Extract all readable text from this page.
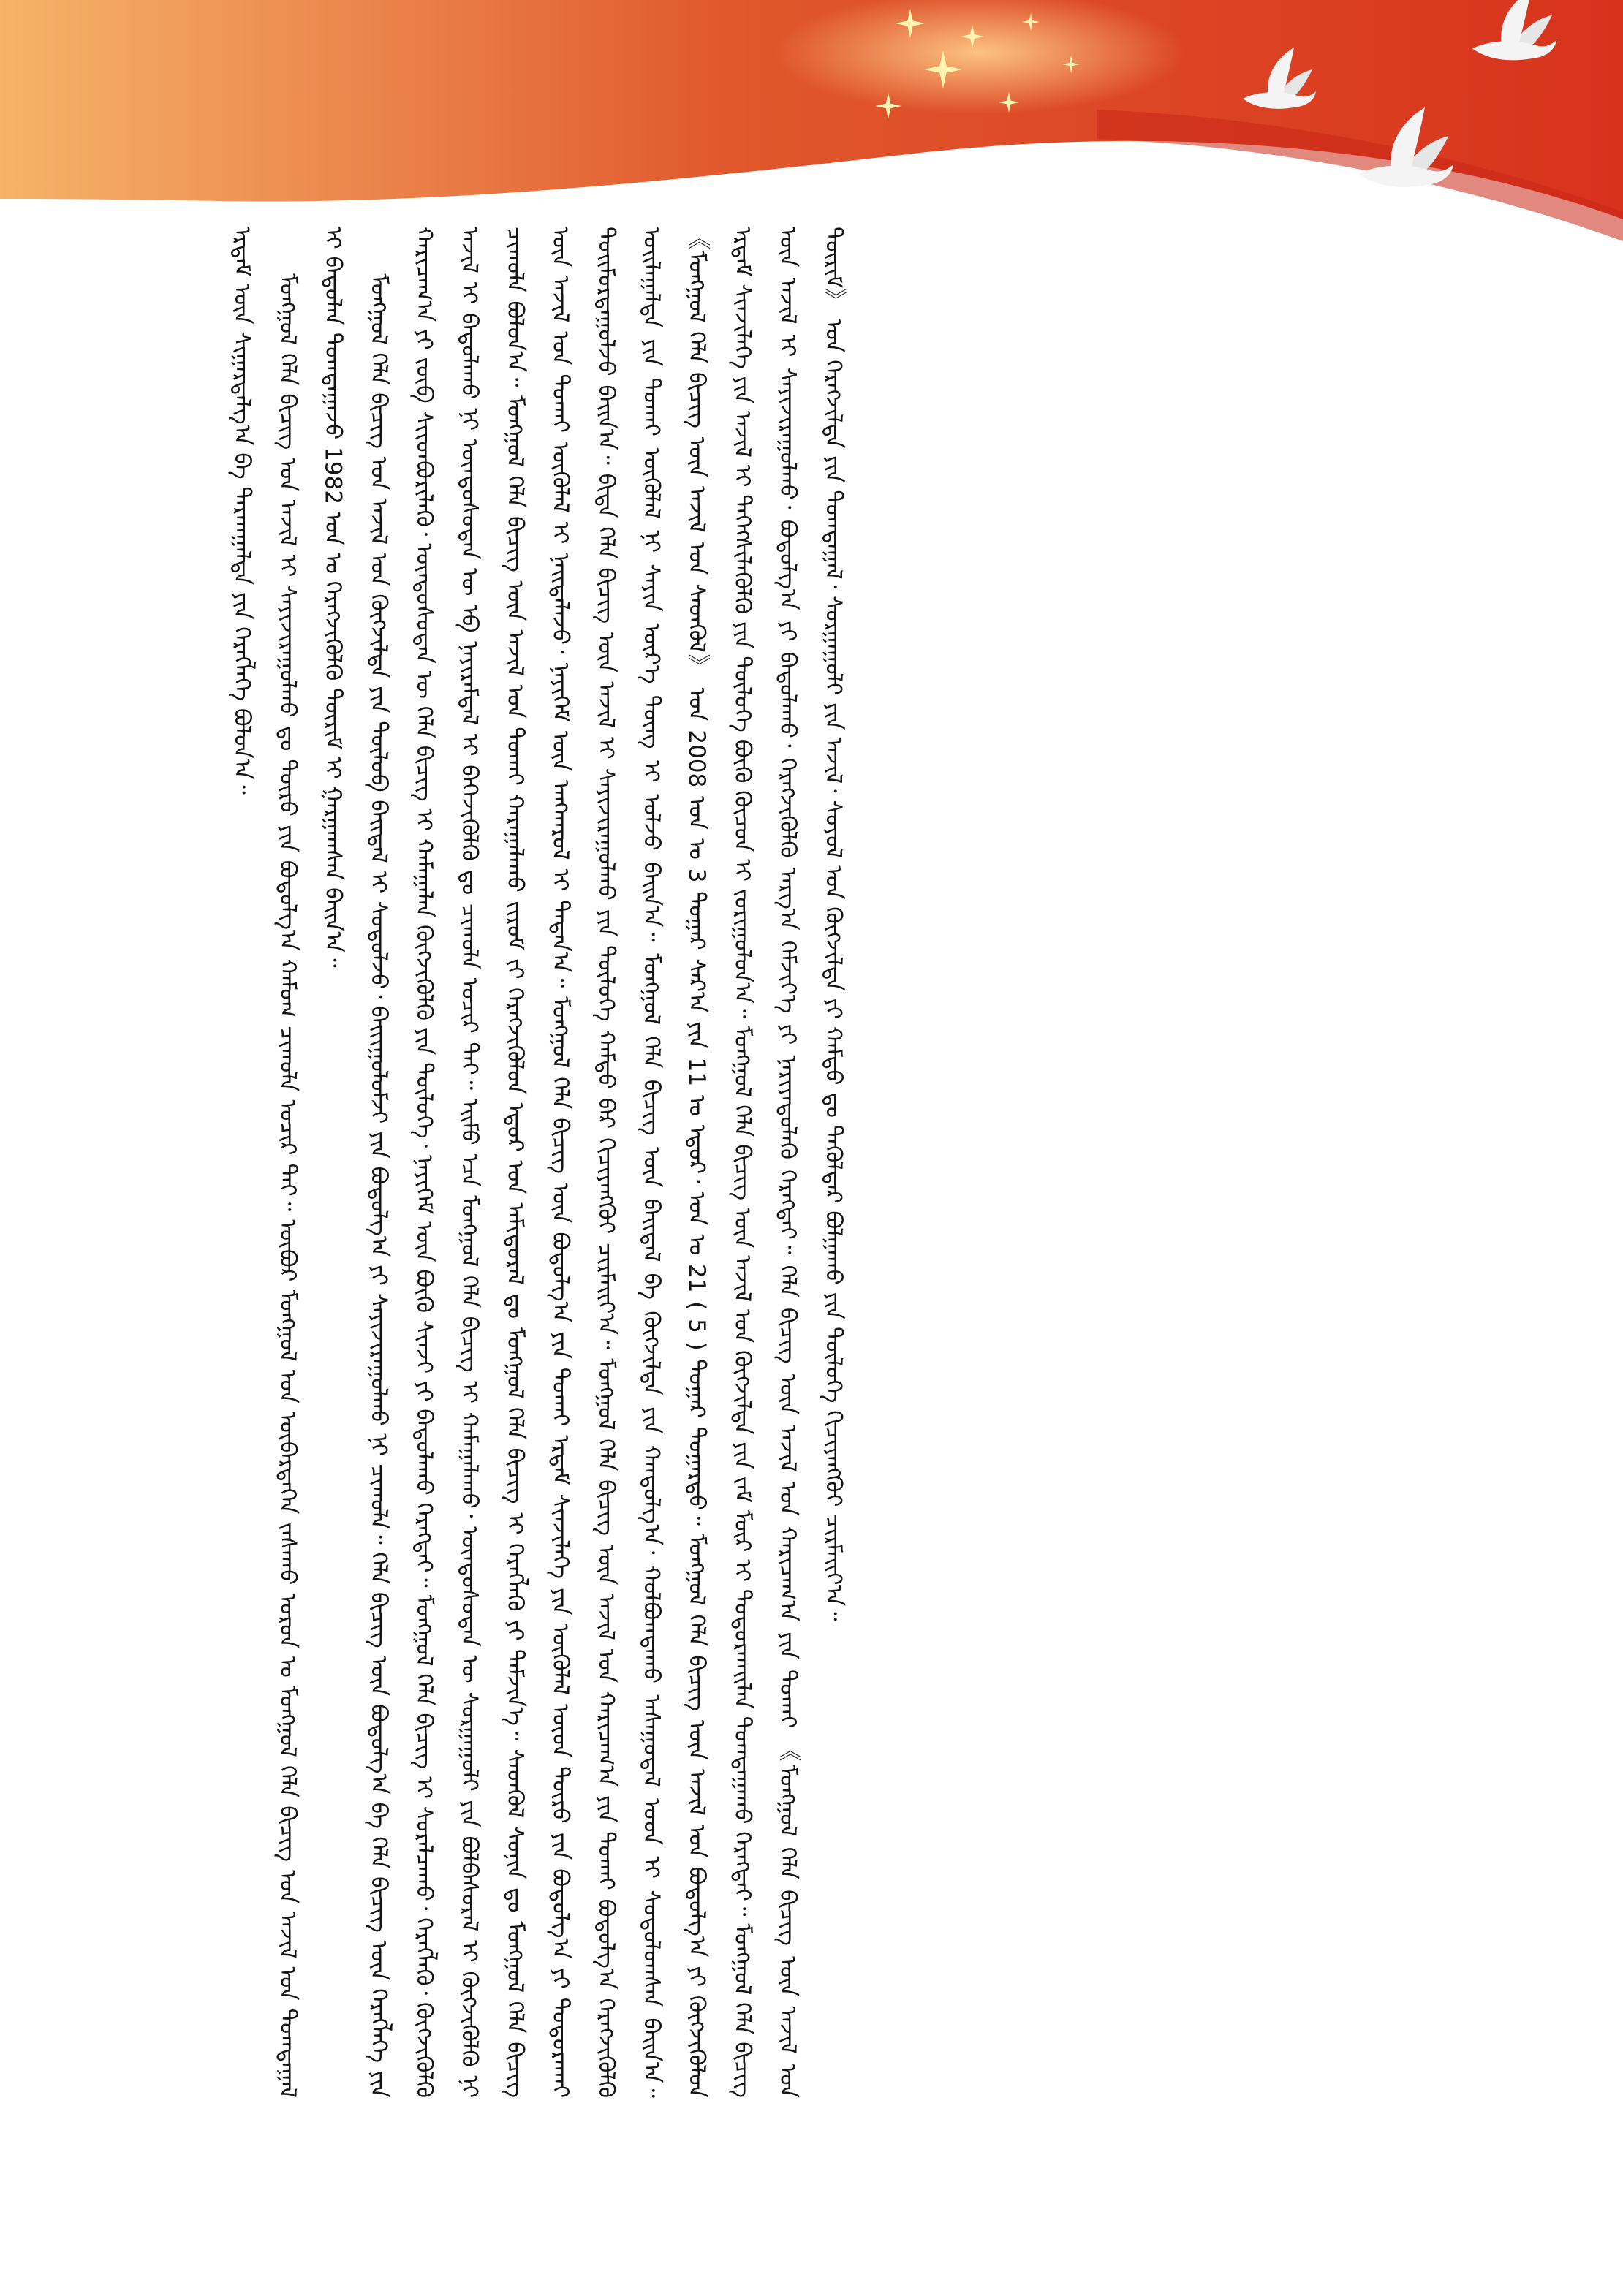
ᠡᠷᠳᠡᠮ ᠦᠨ ᠰᠢᠭᠠᠷᠳᠠᠯᠭ᠎ᠠ ᠪᠠ ᠲᠠᠷᠬᠠᠭᠠᠯᠲᠠ ᠶᠢᠨ ᠬᠡᠷᠡᠭᠯᠡᠭᠡ ᠪᠣᠯᠤᠨ᠎ᠠ᠃ ᠮᠣᠩᠭᠣᠯ ᠬᠡᠯᠡ ᠪᠢᠴᠢᠭ ᠤᠨ ᠠᠵᠢᠯ ᠢ ᠰᠠᠶᠢᠵᠢᠷᠠᠭᠤᠯᠬᠤ ᠳᠤ ᠲᠥᠷᠦ ᠶᠢᠨ ᠪᠣᠳᠣᠯᠭ᠎ᠠ ᠬᠠᠮᠤᠭ ᠴᠢᠬᠤᠯᠠ ᠤᠴᠢᠷ ᠲᠠᠢ᠃ ᠥᠪᠥᠷ ᠮᠣᠩᠭᠣᠯ ᠤᠨ ᠥᠪᠡᠷᠲᠡᠭᠡᠨ ᠵᠠᠰᠠᠬᠤ ᠣᠷᠣᠨ ᠤ ᠮᠣᠩᠭᠣᠯ ᠬᠡᠯᠡ ᠪᠢᠴᠢᠭ ᠤᠨ ᠠᠵᠢᠯ ᠤᠨ ᠲᠣᠭᠲᠠᠭᠠᠯ ᠢ ᠪᠠᠲᠤᠯᠠᠨ ᠲᠣᠭᠲᠠᠭᠠᠵᠤ 1982 ᠣᠨ ᠤ ᠬᠡᠷᠡᠭᠵᠢᠭᠦᠯᠬᠦ ᠳᠦᠷᠢᠮ ᠢ ᠭᠠᠷᠭᠠᠭᠰᠠᠨ ᠪᠠᠢᠨ᠎ᠠ᠃ ᠮᠣᠩᠭᠣᠯ ᠬᠡᠯᠡ ᠪᠢᠴᠢᠭ ᠤᠨ ᠠᠵᠢᠯ ᠤᠨ ᠬᠥᠭᠵᠢᠯᠲᠡ ᠶᠢᠨ ᠲᠥᠯᠦᠪ ᠪᠠᠢᠳᠠᠯ ᠢ ᠰᠤᠳᠤᠯᠵᠤ᠂ ᠪᠠᠢᠢᠭᠤᠯᠤᠮᠵᠢ ᠶᠢᠨ ᠪᠣᠳᠣᠯᠭ᠎ᠠ ᠶᠢ ᠰᠠᠶᠢᠵᠢᠷᠠᠭᠤᠯᠬᠤ ᠨᠢ ᠴᠢᠬᠤᠯᠠ᠃ ᠬᠡᠯᠡ ᠪᠢᠴᠢᠭ ᠦᠨ ᠪᠣᠳᠣᠯᠭ᠎ᠠ ᠪᠠ ᠬᠡᠯᠡ ᠪᠢᠴᠢᠭ ᠦᠨ ᠬᠡᠷᠡᠭᠯᠡᠭᠡ ᠶᠢᠨ ᠬᠠᠷᠢᠴᠠᠭ᠎ᠠ ᠶᠢ ᠵᠥᠪ ᠰᠢᠢᠳᠪᠦᠷᠢᠯᠡᠬᠦ᠂ ᠦᠨᠳᠦᠰᠦᠲᠡᠨ ᠦ ᠬᠡᠯᠡ ᠪᠢᠴᠢᠭ ᠢ ᠬᠠᠮᠠᠭᠠᠯᠠᠨ ᠬᠥᠭᠵᠢᠭᠦᠯᠬᠦ ᠶᠢᠨ ᠲᠥᠯᠦᠭᠡ᠂ ᠨᠡᠶᠢᠭᠡᠮ ᠦᠨ ᠪᠥᠬᠦ ᠰᠢᠨᠵᠢ ᠶᠢ ᠪᠠᠲᠤᠯᠠᠬᠤ ᠬᠡᠷᠡᠭᠲᠡᠢ᠃ ᠮᠣᠩᠭᠣᠯ ᠬᠡᠯᠡ ᠪᠢᠴᠢᠭ ᠢ ᠰᠤᠷᠠᠯᠴᠠᠬᠤ᠂ ᠬᠡᠷᠡᠭᠯᠡᠬᠦ᠂ ᠬᠥᠭᠵᠢᠭᠦᠯᠬᠦ ᠠᠵᠢᠯ ᠢ ᠪᠠᠲᠤᠯᠠᠬᠤ ᠨᠢ ᠦᠨᠳᠦᠰᠦᠲᠡᠨ ᠦ ᠡᠪ ᠨᠠᠶᠢᠷᠠᠮᠳᠠᠯ ᠢ ᠪᠡᠬᠡᠵᠢᠭᠦᠯᠬᠦ ᠳᠤ ᠴᠢᠬᠤᠯᠠ ᠤᠴᠢᠷ ᠲᠠᠢ᠃ ᠡᠢᠮᠦ ᠡᠴᠡ ᠮᠣᠩᠭᠣᠯ ᠬᠡᠯᠡ ᠪᠢᠴᠢᠭ ᠢ ᠬᠠᠮᠠᠭᠠᠯᠠᠬᠤ᠂ ᠦᠨᠳᠦᠰᠦᠲᠡᠨ ᠦ ᠰᠤᠷᠭᠠᠭᠤᠯᠢ ᠶᠢᠨ ᠪᠣᠯᠪᠠᠰᠤᠷᠠᠯ ᠢ ᠬᠥᠭᠵᠢᠭᠦᠯᠬᠦ ᠨᠢ ᠴᠢᠬᠤᠯᠠ ᠪᠣᠯᠤᠨ᠎ᠠ᠃ ᠮᠣᠩᠭᠣᠯ ᠬᠡᠯᠡ ᠪᠢᠴᠢᠭ ᠦᠨ ᠠᠵᠢᠯ ᠤᠨ ᠲᠤᠬᠠᠢ ᠬᠠᠷᠠᠭᠠᠯᠠᠬᠤ ᠵᠢᠷᠤᠮ ᠵᠢ ᠬᠡᠷᠡᠭᠵᠢᠭᠦᠯᠦᠨ ᠡᠳᠦᠷ ᠤᠨ ᠠᠮᠢᠳᠤᠷᠠᠯ ᠳᠤ ᠮᠣᠩᠭᠣᠯ ᠬᠡᠯᠡ ᠪᠢᠴᠢᠭ ᠢ ᠬᠡᠷᠡᠭᠯᠡᠬᠦ ᠶᠢ ᠳᠡᠮᠵᠢᠨ᠎ᠡ᠃ ᠰᠡᠳᠭᠦᠯ ᠰᠣᠨᠢᠨ ᠳᠤ ᠮᠣᠩᠭᠣᠯ ᠬᠡᠯᠡ ᠪᠢᠴᠢᠭ ᠦᠨ ᠠᠵᠢᠯ ᠤᠨ ᠲᠤᠬᠠᠢ ᠥᠭᠦᠯᠡᠯ ᠢ ᠨᠡᠢᠲᠡᠯᠡᠵᠦ᠂ ᠨᠡᠶᠢᠭᠡᠮ ᠦᠨ ᠠᠩᠬᠠᠷᠤᠯ ᠢ ᠲᠠᠲᠠᠨ᠎ᠠ᠃ ᠮᠣᠩᠭᠣᠯ ᠬᠡᠯᠡ ᠪᠢᠴᠢᠭ ᠦᠨ ᠪᠣᠳᠣᠯᠭ᠎ᠠ ᠶᠢᠨ ᠲᠤᠬᠠᠢ ᠡᠷᠳᠡᠮ ᠰᠢᠨᠵᠢᠯᠡᠭᠡ ᠶᠢᠨ ᠥᠭᠦᠯᠡᠯ ᠦᠳ ᠲᠥᠷᠦ ᠶᠢᠨ ᠪᠣᠳᠣᠯᠭ᠎ᠠ ᠶᠢ ᠲᠣᠳᠣᠷᠠᠬᠠᠢ ᠲᠣᠢᠮᠣᠷᠳᠠᠭᠤᠯᠵᠤ ᠪᠠᠢᠨ᠎ᠠ᠃ ᠪᠢᠳᠡ ᠬᠡᠯᠡ ᠪᠢᠴᠢᠭ ᠦᠨ ᠠᠵᠢᠯ ᠢ ᠰᠠᠶᠢᠵᠢᠷᠠᠭᠤᠯᠬᠤ ᠶᠢᠨ ᠲᠥᠯᠦᠭᠡ ᠬᠠᠮᠲᠤ ᠪᠡᠷ ᠬᠢᠴᠢᠶᠡᠩᠭᠦᠢ ᠴᠢᠷᠮᠠᠢᠶ᠎ᠠ᠃ ᠮᠣᠩᠭᠣᠯ ᠬᠡᠯᠡ ᠪᠢᠴᠢᠭ ᠦᠨ ᠠᠵᠢᠯ ᠤᠨ ᠬᠠᠷᠢᠴᠠᠭ᠎ᠠ ᠶᠢᠨ ᠲᠤᠬᠠᠢ ᠪᠣᠳᠣᠯᠭ᠎ᠠ ᠬᠡᠷᠡᠭᠵᠢᠭᠦᠯᠬᠦ ᠣᠢᠯᠠᠭᠠᠯᠲᠠ ᠶᠢᠨ ᠲᠤᠬᠠᠢ ᠥᠭᠦᠯᠡᠯ ᠨᠢ ᠰᠠᠶᠢᠨ ᠦᠷ᠎ᠡ ᠳᠦᠩ ᠢ ᠣᠯᠵᠤ ᠪᠠᠢᠨ᠎ᠠ᠃ ᠮᠣᠩᠭᠣᠯ ᠬᠡᠯᠡ ᠪᠢᠴᠢᠭ ᠦᠨ ᠪᠠᠢᠳᠠᠯ ᠪᠠ ᠬᠥᠭᠵᠢᠯᠲᠡ ᠶᠢᠨ ᠬᠠᠨᠳᠤᠯᠭ᠎ᠠ᠂ ᠬᠣᠯᠪᠣᠭᠳᠠᠬᠤ ᠠᠰᠠᠭᠤᠳᠠᠯ ᠤᠳ ᠢ ᠰᠤᠳᠤᠯᠤᠭᠰᠠᠨ ᠪᠠᠢᠨ᠎ᠠ᠃ 《ᠮᠣᠩᠭᠣᠯ ᠬᠡᠯᠡ ᠪᠢᠴᠢᠭ ᠦᠨ ᠠᠵᠢᠯ ᠤᠨ ᠰᠡᠳᠭᠦᠯ》 ᠤᠨ 2008 ᠣᠨ ᠤ 3 ᠳᠤᠭᠠᠷ ᠰᠠᠷ᠎ᠠ ᠶᠢᠨ 11 ᠤ ᠡᠳᠦᠷ᠂ ᠣᠨ ᠤ 21 ( 5 ) ᠳᠤᠭᠠᠷ ᠳᠤᠭᠠᠷᠲᠤ᠃ ᠮᠣᠩᠭᠣᠯ ᠬᠡᠯᠡ ᠪᠢᠴᠢᠭ ᠦᠨ ᠠᠵᠢᠯ ᠤᠨ ᠪᠣᠳᠣᠯᠭ᠎ᠠ ᠶᠢ ᠬᠥᠭᠵᠢᠭᠦᠯᠦᠨ ᠡᠷᠳᠡᠮ ᠰᠢᠨᠵᠢᠯᠡᠭᠡ ᠶᠢᠨ ᠠᠵᠢᠯ ᠢ ᠳᠡᠭᠡᠭᠰᠢᠯᠡᠭᠦᠯᠬᠦ ᠶᠢᠨ ᠲᠥᠯᠦᠭᠡ ᠪᠥᠬᠦ ᠬᠦᠴᠦᠨ ᠢ ᠵᠣᠷᠢᠭᠤᠯᠤᠨ᠎ᠠ᠃ ᠮᠣᠩᠭᠣᠯ ᠬᠡᠯᠡ ᠪᠢᠴᠢᠭ ᠦᠨ ᠠᠵᠢᠯ ᠤᠨ ᠬᠥᠭᠵᠢᠯᠲᠡ ᠶᠢᠨ ᠵᠠᠮ ᠮᠥᠷ ᠢ ᠲᠣᠳᠣᠷᠬᠠᠢᠯᠠᠨ ᠲᠣᠭᠲᠠᠭᠠᠬᠤ ᠬᠡᠷᠡᠭᠲᠡᠢ᠃ ᠮᠣᠩᠭᠣᠯ ᠬᠡᠯᠡ ᠪᠢᠴᠢᠭ ᠦᠨ ᠠᠵᠢᠯ ᠢ ᠰᠠᠶᠢᠵᠢᠷᠠᠭᠤᠯᠬᠤ᠂ ᠪᠣᠳᠣᠯᠭ᠎ᠠ ᠶᠢ ᠪᠠᠲᠤᠯᠠᠬᠤ᠂ ᠬᠡᠷᠡᠭᠵᠢᠭᠦᠯᠬᠦ ᠠᠷᠭ᠎ᠠ ᠬᠡᠮᠵᠢᠶ᠎ᠡ ᠶᠢ ᠨᠡᠷᠢᠶᠡᠳᠦᠯᠡᠬᠦ ᠬᠡᠷᠡᠭᠲᠡᠢ᠃ ᠬᠡᠯᠡ ᠪᠢᠴᠢᠭ ᠦᠨ ᠠᠵᠢᠯ ᠤᠨ ᠬᠠᠷᠢᠴᠠᠭ᠎ᠠ ᠶᠢᠨ ᠲᠤᠬᠠᠢ 《ᠮᠣᠩᠭᠣᠯ ᠬᠡᠯᠡ ᠪᠢᠴᠢᠭ ᠦᠨ ᠠᠵᠢᠯ ᠤᠨ ᠳᠦᠷᠢᠮ》 ᠤᠨ ᠬᠡᠷᠡᠭᠵᠢᠯᠲᠡ ᠶᠢᠨ ᠲᠣᠭᠲᠠᠭᠠᠯ᠂ ᠰᠤᠷᠭᠠᠭᠤᠯᠢ ᠶᠢᠨ ᠠᠵᠢᠯ᠂ ᠰᠣᠶᠣᠯ ᠤᠨ ᠬᠥᠭᠵᠢᠯᠲᠡ ᠶᠢ ᠬᠠᠮᠲᠤ ᠳᠤ ᠲᠡᠭᠦᠯᠳᠡᠷ ᠪᠣᠯᠭᠠᠬᠤ ᠶᠢᠨ ᠲᠥᠯᠦᠭᠡ ᠬᠢᠴᠢᠶᠡᠩᠭᠦᠢ ᠴᠢᠷᠮᠠᠢᠶ᠎ᠠ᠃
